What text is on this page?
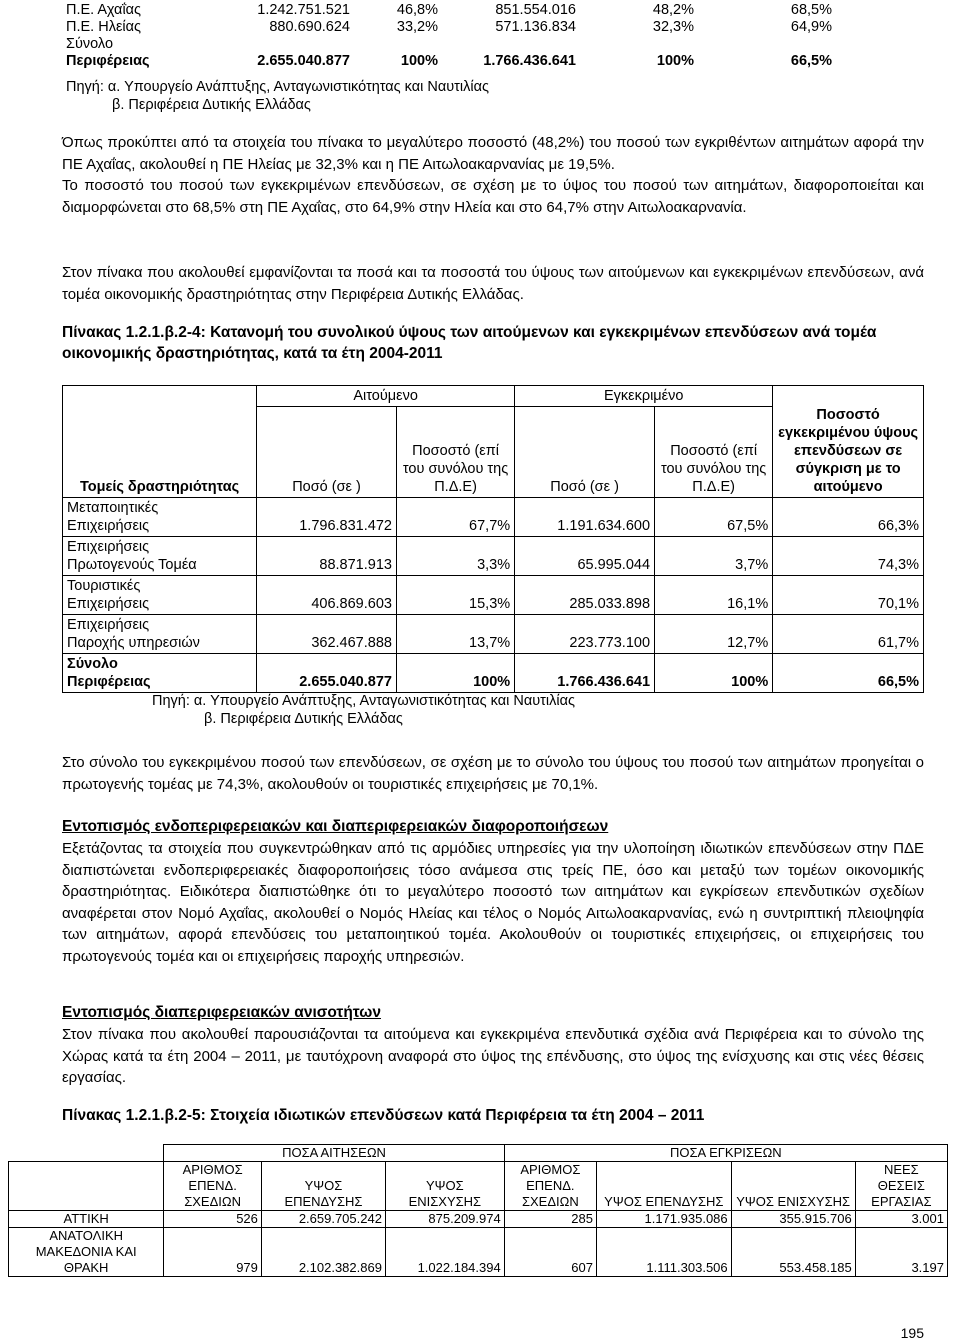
Π.Ε. Αχαΐας	1.242.751.521	46,8%	851.554.016	48,2%	68,5%
Π.Ε. Ηλείας	880.690.624	33,2%	571.136.834	32,3%	64,9%

Σύνολο
Περιφέρειας	2.655.040.877	100%	1.766.436.641	100%	66,5%
Πηγή: α. Υπουργείο Ανάπτυξης, Ανταγωνιστικότητας και Ναυτιλίας
β. Περιφέρεια Δυτικής Ελλάδας

Όπως προκύπτει από τα στοιχεία του πίνακα το μεγαλύτερο ποσοστό (48,2%) του ποσού των εγκριθέντων αιτημάτων αφορά την ΠΕ Αχαΐας, ακολουθεί η ΠΕ Ηλείας με 32,3% και η ΠΕ Αιτωλοακαρνανίας με 19,5%.

Το ποσοστό του ποσού των εγκεκριμένων επενδύσεων, σε σχέση με το ύψος του ποσού των αιτημάτων, διαφοροποιείται και διαμορφώνεται στο 68,5% στη ΠΕ Αχαΐας, στο 64,9% στην Ηλεία και στο 64,7% στην Αιτωλοακαρνανία.

Στον πίνακα που ακολουθεί εμφανίζονται τα ποσά και τα ποσοστά του ύψους των αιτούμενων και εγκεκριμένων επενδύσεων, ανά τομέα οικονομικής δραστηριότητας στην Περιφέρεια Δυτικής Ελλάδας.

Πίνακας 1.2.1.β.2-4: Κατανομή του συνολικού ύψους των αιτούμενων και εγκεκριμένων επενδύσεων ανά τομέα οικονομικής δραστηριότητας, κατά τα έτη 2004-2011
Τομείς δραστηριότητας	Αιτούμενο		Εγκεκριμένο		Ποσοστό εγκεκριμένου ύψους επενδύσεων σε σύγκριση με το αιτούμενο
	Ποσό (σε )	Ποσοστό (επί του συνόλου της Π.Δ.Ε)	Ποσό (σε )	Ποσοστό (επί του συνόλου της Π.Δ.Ε)	

Μεταποιητικές
Επιχειρήσεις	1.796.831.472	67,7%	1.191.634.600	67,5%	66,3%

Επιχειρήσεις
Πρωτογενούς Τομέα	88.871.913	3,3%	65.995.044	3,7%	74,3%

Τουριστικές
Επιχειρήσεις	406.869.603	15,3%	285.033.898	16,1%	70,1%

Επιχειρήσεις
Παροχής υπηρεσιών	362.467.888	13,7%	223.773.100	12,7%	61,7%

Σύνολο
Περιφέρειας	2.655.040.877	100%	1.766.436.641	100%	66,5%
Πηγή: α. Υπουργείο Ανάπτυξης, Ανταγωνιστικότητας και Ναυτιλίας
β. Περιφέρεια Δυτικής Ελλάδας

Στο σύνολο του εγκεκριμένου ποσού των επενδύσεων, σε σχέση με το σύνολο του ύψους του ποσού των αιτημάτων προηγείται ο πρωτογενής τομέας με 74,3%, ακολουθούν οι τουριστικές επιχειρήσεις με 70,1%.

Εντοπισμός ενδοπεριφερειακών και διαπεριφερειακών διαφοροποιήσεων

Εξετάζοντας τα στοιχεία που συγκεντρώθηκαν από τις αρμόδιες υπηρεσίες για την υλοποίηση ιδιωτικών επενδύσεων στην ΠΔΕ διαπιστώνεται ενδοπεριφερειακές διαφοροποιήσεις τόσο ανάμεσα στις τρείς ΠΕ, όσο και μεταξύ των τομέων οικονομικής δραστηριότητας. Ειδικότερα διαπιστώθηκε ότι το μεγαλύτερο ποσοστό των αιτημάτων και εγκρίσεων επενδυτικών σχεδίων αναφέρεται στον Νομό Αχαΐας, ακολουθεί ο Νομός Ηλείας και τέλος ο Νομός Αιτωλοακαρνανίας, ενώ η συντριπτική πλειοψηφία των αιτημάτων, αφορά επενδύσεις του μεταποιητικού τομέα. Ακολουθούν οι τουριστικές επιχειρήσεις, οι επιχειρήσεις του πρωτογενούς τομέα και οι επιχειρήσεις παροχής υπηρεσιών.

Εντοπισμός διαπεριφερειακών ανισοτήτων

Στον πίνακα που ακολουθεί παρουσιάζονται τα αιτούμενα και εγκεκριμένα επενδυτικά σχέδια ανά Περιφέρεια και το σύνολο της Χώρας κατά τα έτη 2004 – 2011, με ταυτόχρονη αναφορά στο ύψος της επένδυσης, στο ύψος της ενίσχυσης και στις νέες θέσεις εργασίας.

Πίνακας 1.2.1.β.2-5: Στοιχεία ιδιωτικών επενδύσεων κατά Περιφέρεια τα έτη 2004 – 2011
	ΠΟΣΑ ΑΙΤΗΣΕΩΝ			ΠΟΣΑ ΕΓΚΡΙΣΕΩΝ			
	ΑΡΙΘΜΟΣ ΕΠΕΝΔ. ΣΧΕΔΙΩΝ	ΥΨΟΣ ΕΠΕΝΔΥΣΗΣ	ΥΨΟΣ ΕΝΙΣΧΥΣΗΣ	ΑΡΙΘΜΟΣ ΕΠΕΝΔ. ΣΧΕΔΙΩΝ	ΥΨΟΣ ΕΠΕΝΔΥΣΗΣ	ΥΨΟΣ ΕΝΙΣΧΥΣΗΣ	ΝΕΕΣ ΘΕΣΕΙΣ ΕΡΓΑΣΙΑΣ
ΑΤΤΙΚΗ	526	2.659.705.242	875.209.974	285	1.171.935.086	355.915.706	3.001
ΑΝΑΤΟΛΙΚΗ ΜΑΚΕΔΟΝΙΑ ΚΑΙ ΘΡΑΚΗ	979	2.102.382.869	1.022.184.394	607	1.111.303.506	553.458.185	3.197
195
